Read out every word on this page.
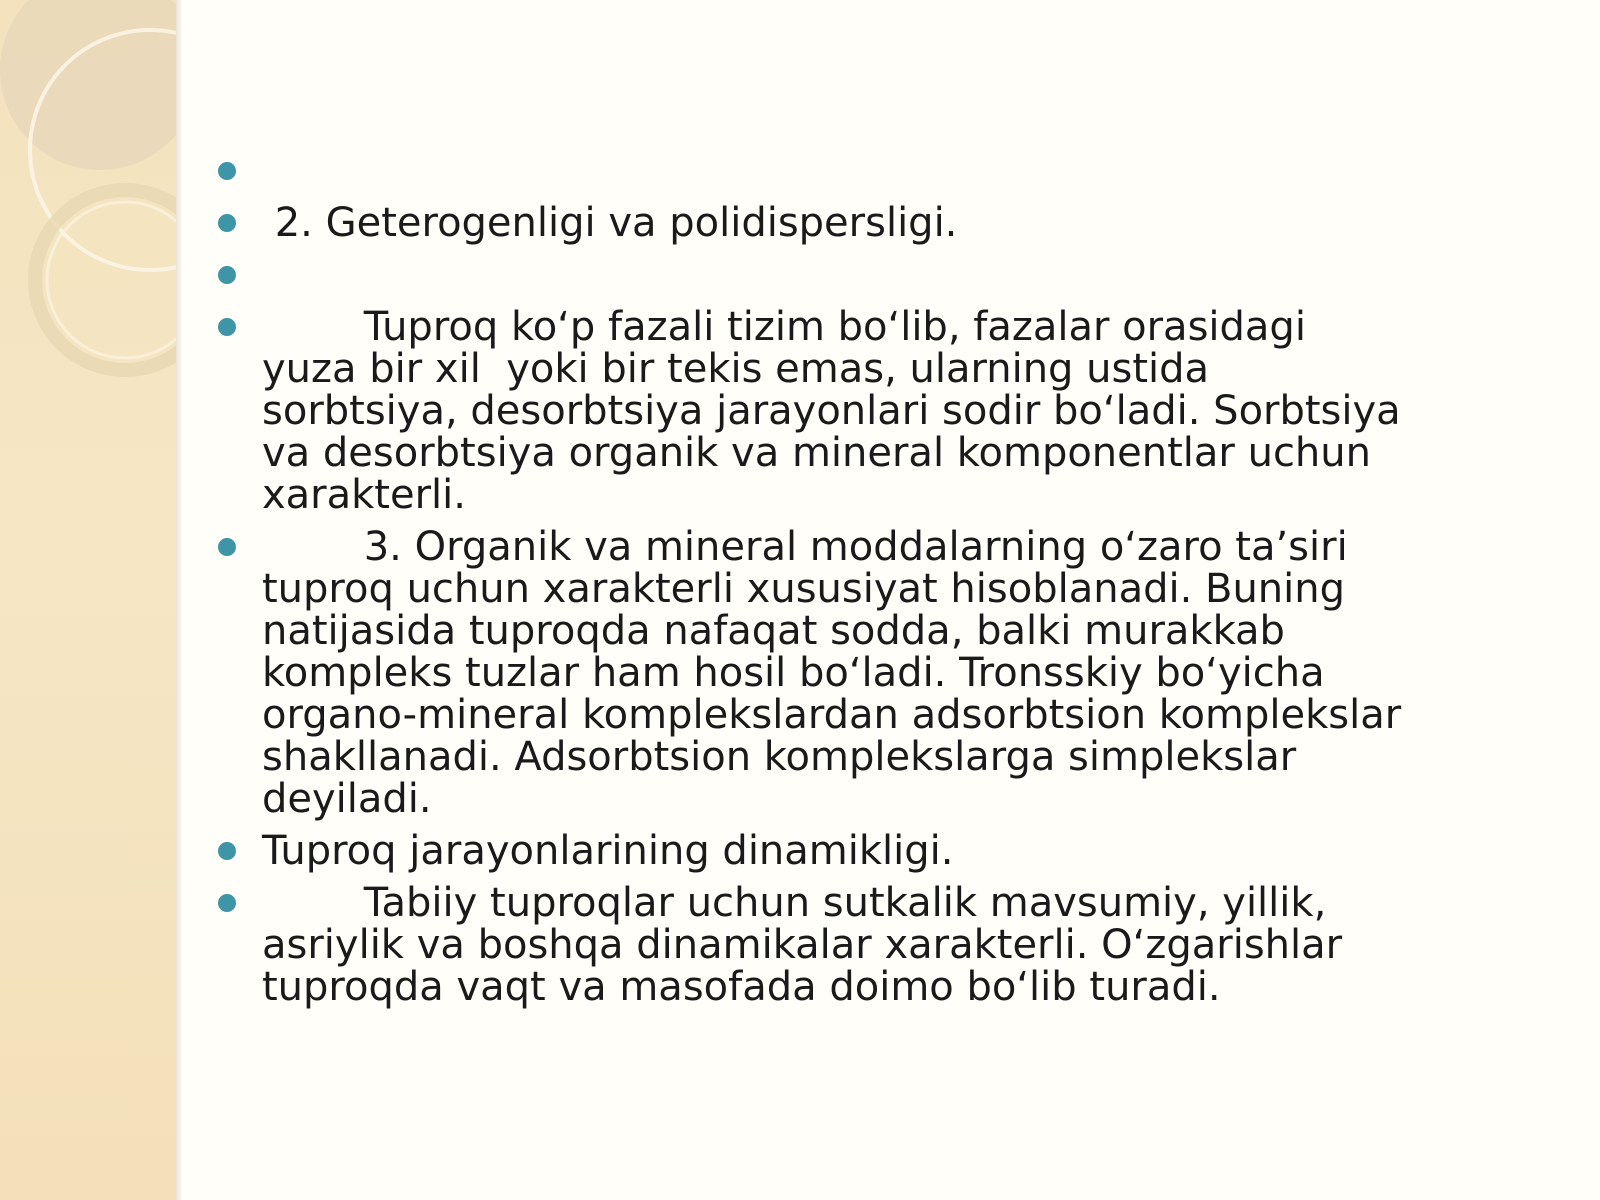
2. Geterogenligi va polidispersligi.
Tuproq ko‘p fazali tizim bo‘lib, fazalar orasidagi yuza bir xil  yoki bir tekis emas, ularning ustida sorbtsiya, desorbtsiya jarayonlari sodir bo‘ladi. Sorbtsiya va desorbtsiya organik va mineral komponentlar uchun xarakterli.
3. Organik va mineral moddalarning o‘zaro ta’siri tuproq uchun xarakterli xususiyat hisoblanadi. Buning natijasida tuproqda nafaqat sodda, balki murakkab kompleks tuzlar ham hosil bo‘ladi. Tronsskiy bo‘yicha organo-mineral komplekslardan adsorbtsion komplekslar shakllanadi. Adsorbtsion komplekslarga simplekslar deyiladi.
Tuproq jarayonlarining dinamikligi.
Tabiiy tuproqlar uchun sutkalik mavsumiy, yillik, asriylik va boshqa dinamikalar xarakterli. O‘zgarishlar tuproqda vaqt va masofada doimo bo‘lib turadi.
